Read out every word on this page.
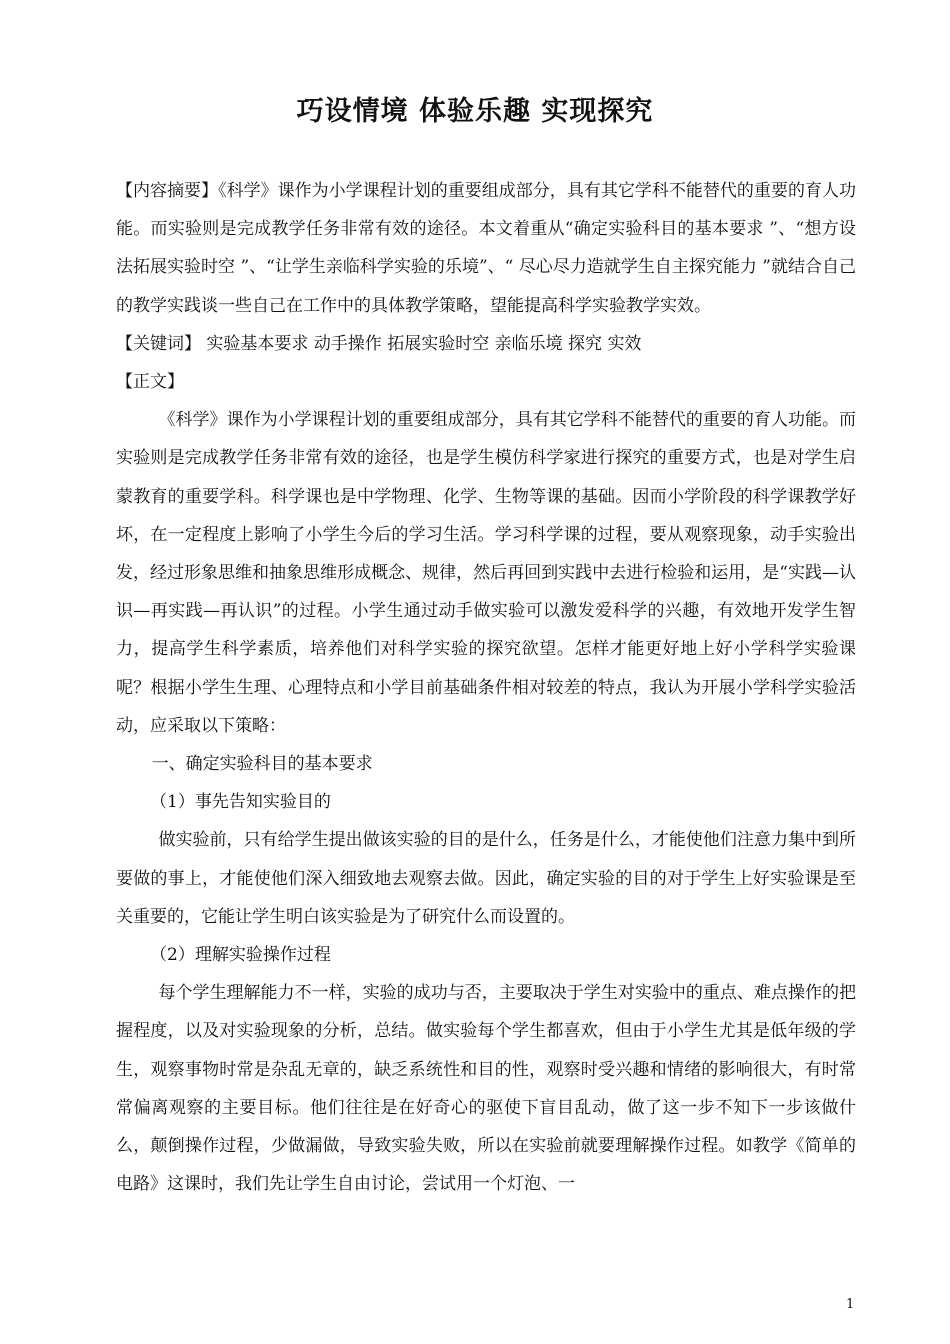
巧设情境 体验乐趣 实现探究

【内容摘要】《科学》课作为小学课程计划的重要组成部分，具有其它学科不能替代的重要的育人功能。而实验则是完成教学任务非常有效的途径。本文着重从“确定实验科目的基本要求 ”、“想方设法拓展实验时空 ”、“让学生亲临科学实验的乐境”、“ 尽心尽力造就学生自主探究能力 ”就结合自己的教学实践谈一些自己在工作中的具体教学策略，望能提高科学实验教学实效。

【关键词】 实验基本要求 动手操作 拓展实验时空 亲临乐境 探究 实效

【正文】

《科学》课作为小学课程计划的重要组成部分，具有其它学科不能替代的重要的育人功能。而实验则是完成教学任务非常有效的途径，也是学生模仿科学家进行探究的重要方式，也是对学生启蒙教育的重要学科。科学课也是中学物理、化学、生物等课的基础。因而小学阶段的科学课教学好坏，在一定程度上影响了小学生今后的学习生活。学习科学课的过程，要从观察现象，动手实验出发，经过形象思维和抽象思维形成概念、规律，然后再回到实践中去进行检验和运用，是“实践—认识—再实践—再认识”的过程。小学生通过动手做实验可以激发爱科学的兴趣，有效地开发学生智力，提高学生科学素质，培养他们对科学实验的探究欲望。怎样才能更好地上好小学科学实验课呢？根据小学生生理、心理特点和小学目前基础条件相对较差的特点，我认为开展小学科学实验活动，应采取以下策略：

一、确定实验科目的基本要求

（1）事先告知实验目的

做实验前，只有给学生提出做该实验的目的是什么，任务是什么，才能使他们注意力集中到所要做的事上，才能使他们深入细致地去观察去做。因此，确定实验的目的对于学生上好实验课是至关重要的，它能让学生明白该实验是为了研究什么而设置的。

（2）理解实验操作过程

每个学生理解能力不一样，实验的成功与否，主要取决于学生对实验中的重点、难点操作的把握程度，以及对实验现象的分析，总结。做实验每个学生都喜欢，但由于小学生尤其是低年级的学生，观察事物时常是杂乱无章的，缺乏系统性和目的性，观察时受兴趣和情绪的影响很大，有时常常偏离观察的主要目标。他们往往是在好奇心的驱使下盲目乱动，做了这一步不知下一步该做什么，颠倒操作过程，少做漏做，导致实验失败，所以在实验前就要理解操作过程。如教学《简单的电路》这课时，我们先让学生自由讨论，尝试用一个灯泡、一

1
